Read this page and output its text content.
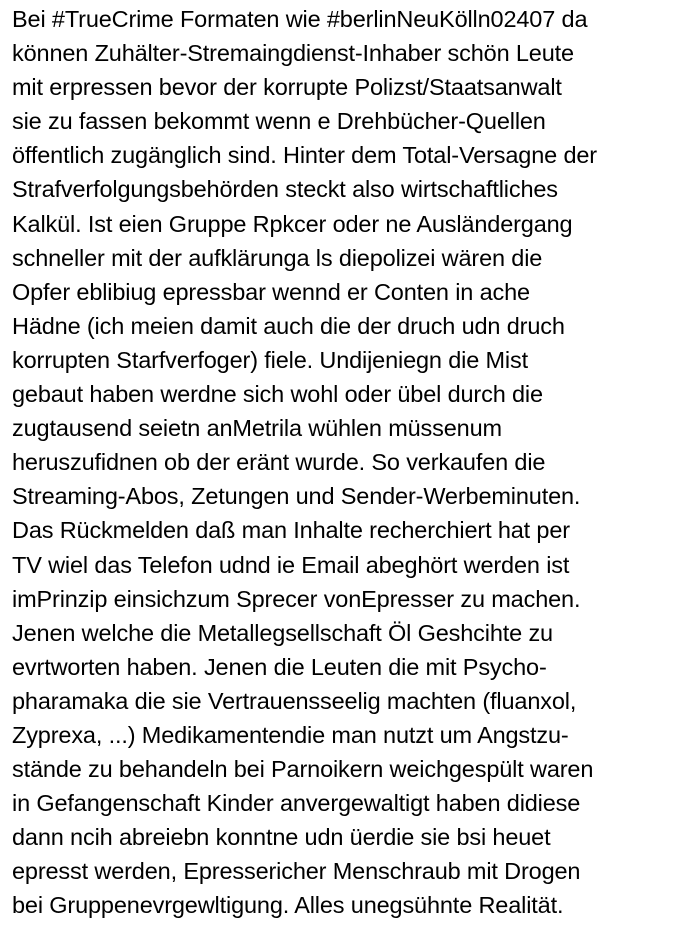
Bei #TrueCrime Formaten wie #berlinNeuKölln02407 da
können Zuhälter-Stremaingdienst-Inhaber schön Leute
mit erpressen bevor der korrupte Polizst/Staatsanwalt
sie zu fassen bekommt wenn e Drehbücher-Quellen
öffentlich zugänglich sind. Hinter dem Total-Versagne der
Strafverfolgungsbehörden steckt also wirtschaftliches
Kalkül. Ist eien Gruppe Rpkcer oder ne Ausländergang
schneller mit der aufklärunga ls diepolizei wären die
Opfer eblibiug epressbar wennd er Conten in ache
Hädne (ich meien damit auch die der druch udn druch
korrupten Starfverfoger) fiele. Undijeniegn die Mist
gebaut haben werdne sich wohl oder übel durch die
zugtausend seietn anMetrila wühlen müssenum
heruszufidnen ob der eränt wurde. So verkaufen die
Streaming-Abos, Zetungen und Sender-Werbeminuten.
Das Rückmelden daß man Inhalte recherchiert hat per
TV wiel das Telefon udnd ie Email abeghört werden ist
imPrinzip einsichzum Sprecer vonEpresser zu machen.
Jenen welche die Metallegsellschaft Öl Geshcihte zu
evrtworten haben. Jenen die Leuten die mit Psycho-
pharamaka die sie Vertrauensseelig machten (fluanxol,
Zyprexa, ...) Medikamentendie man nutzt um Angstzu-
stände zu behandeln bei Parnoikern weichgespült waren
in Gefangenschaft Kinder anvergewaltigt haben didiese
dann ncih abreiebn konntne udn üerdie sie bsi heuet
epresst werden, Epressericher Menschraub mit Drogen
bei Gruppenevrgewltigung. Alles unegsühnte Realität.
